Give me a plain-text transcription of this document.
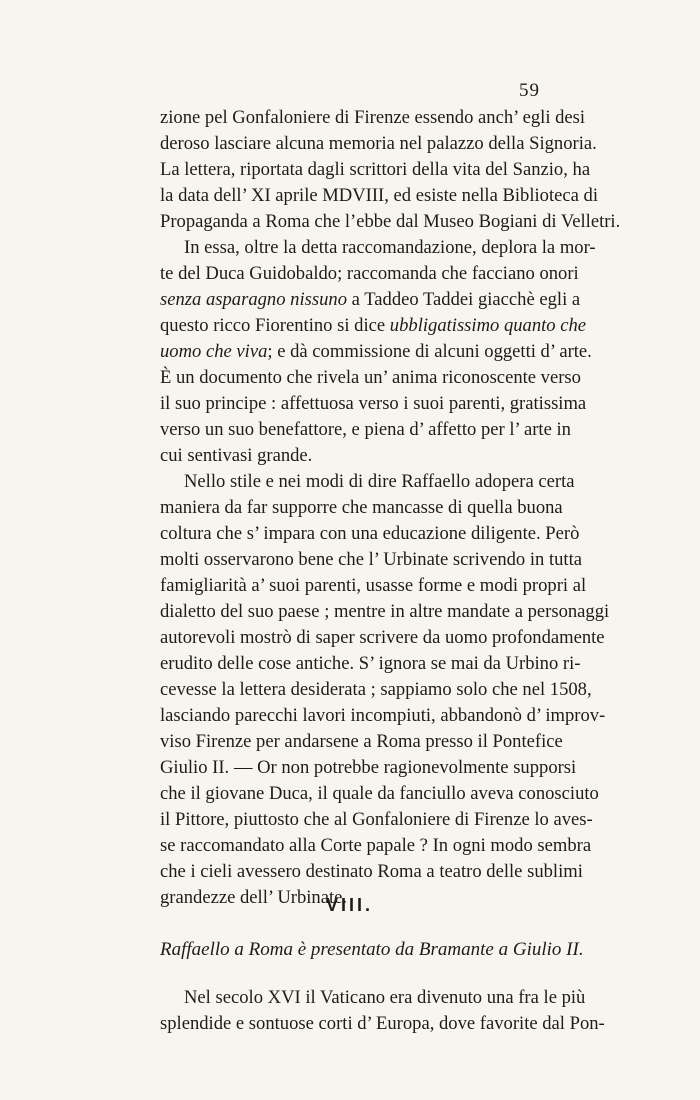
59
zione pel Gonfaloniere di Firenze essendo anch’ egli desi
deroso lasciare alcuna memoria nel palazzo della Signoria.
La lettera, riportata dagli scrittori della vita del Sanzio, ha
la data dell’ XI aprile MDVIII, ed esiste nella Biblioteca di
Propaganda a Roma che l’ebbe dal Museo Bogiani di Velletri.
In essa, oltre la detta raccomandazione, deplora la mor-
te del Duca Guidobaldo; raccomanda che facciano onori
senza asparagno nissuno a Taddeo Taddei giacchè egli a
questo ricco Fiorentino si dice ubbligatissimo quanto che
uomo che viva; e dà commissione di alcuni oggetti d’ arte.
È un documento che rivela un’ anima riconoscente verso
il suo principe : affettuosa verso i suoi parenti, gratissima
verso un suo benefattore, e piena d’ affetto per l’ arte in
cui sentivasi grande.
Nello stile e nei modi di dire Raffaello adopera certa
maniera da far supporre che mancasse di quella buona
coltura che s’ impara con una educazione diligente. Però
molti osservarono bene che l’ Urbinate scrivendo in tutta
famigliarità a’ suoi parenti, usasse forme e modi propri al
dialetto del suo paese ; mentre in altre mandate a personaggi
autorevoli mostrò di saper scrivere da uomo profondamente
erudito delle cose antiche. S’ ignora se mai da Urbino ri-
cevesse la lettera desiderata ; sappiamo solo che nel 1508,
lasciando parecchi lavori incompiuti, abbandonò d’ improv-
viso Firenze per andarsene a Roma presso il Pontefice
Giulio II. — Or non potrebbe ragionevolmente supporsi
che il giovane Duca, il quale da fanciullo aveva conosciuto
il Pittore, piuttosto che al Gonfaloniere di Firenze lo aves-
se raccomandato alla Corte papale ? In ogni modo sembra
che i cieli avessero destinato Roma a teatro delle sublimi
grandezze dell’ Urbinate.
VIII.
Raffaello a Roma è presentato da Bramante a Giulio II.
Nel secolo XVI il Vaticano era divenuto una fra le più
splendide e sontuose corti d’ Europa, dove favorite dal Pon-
